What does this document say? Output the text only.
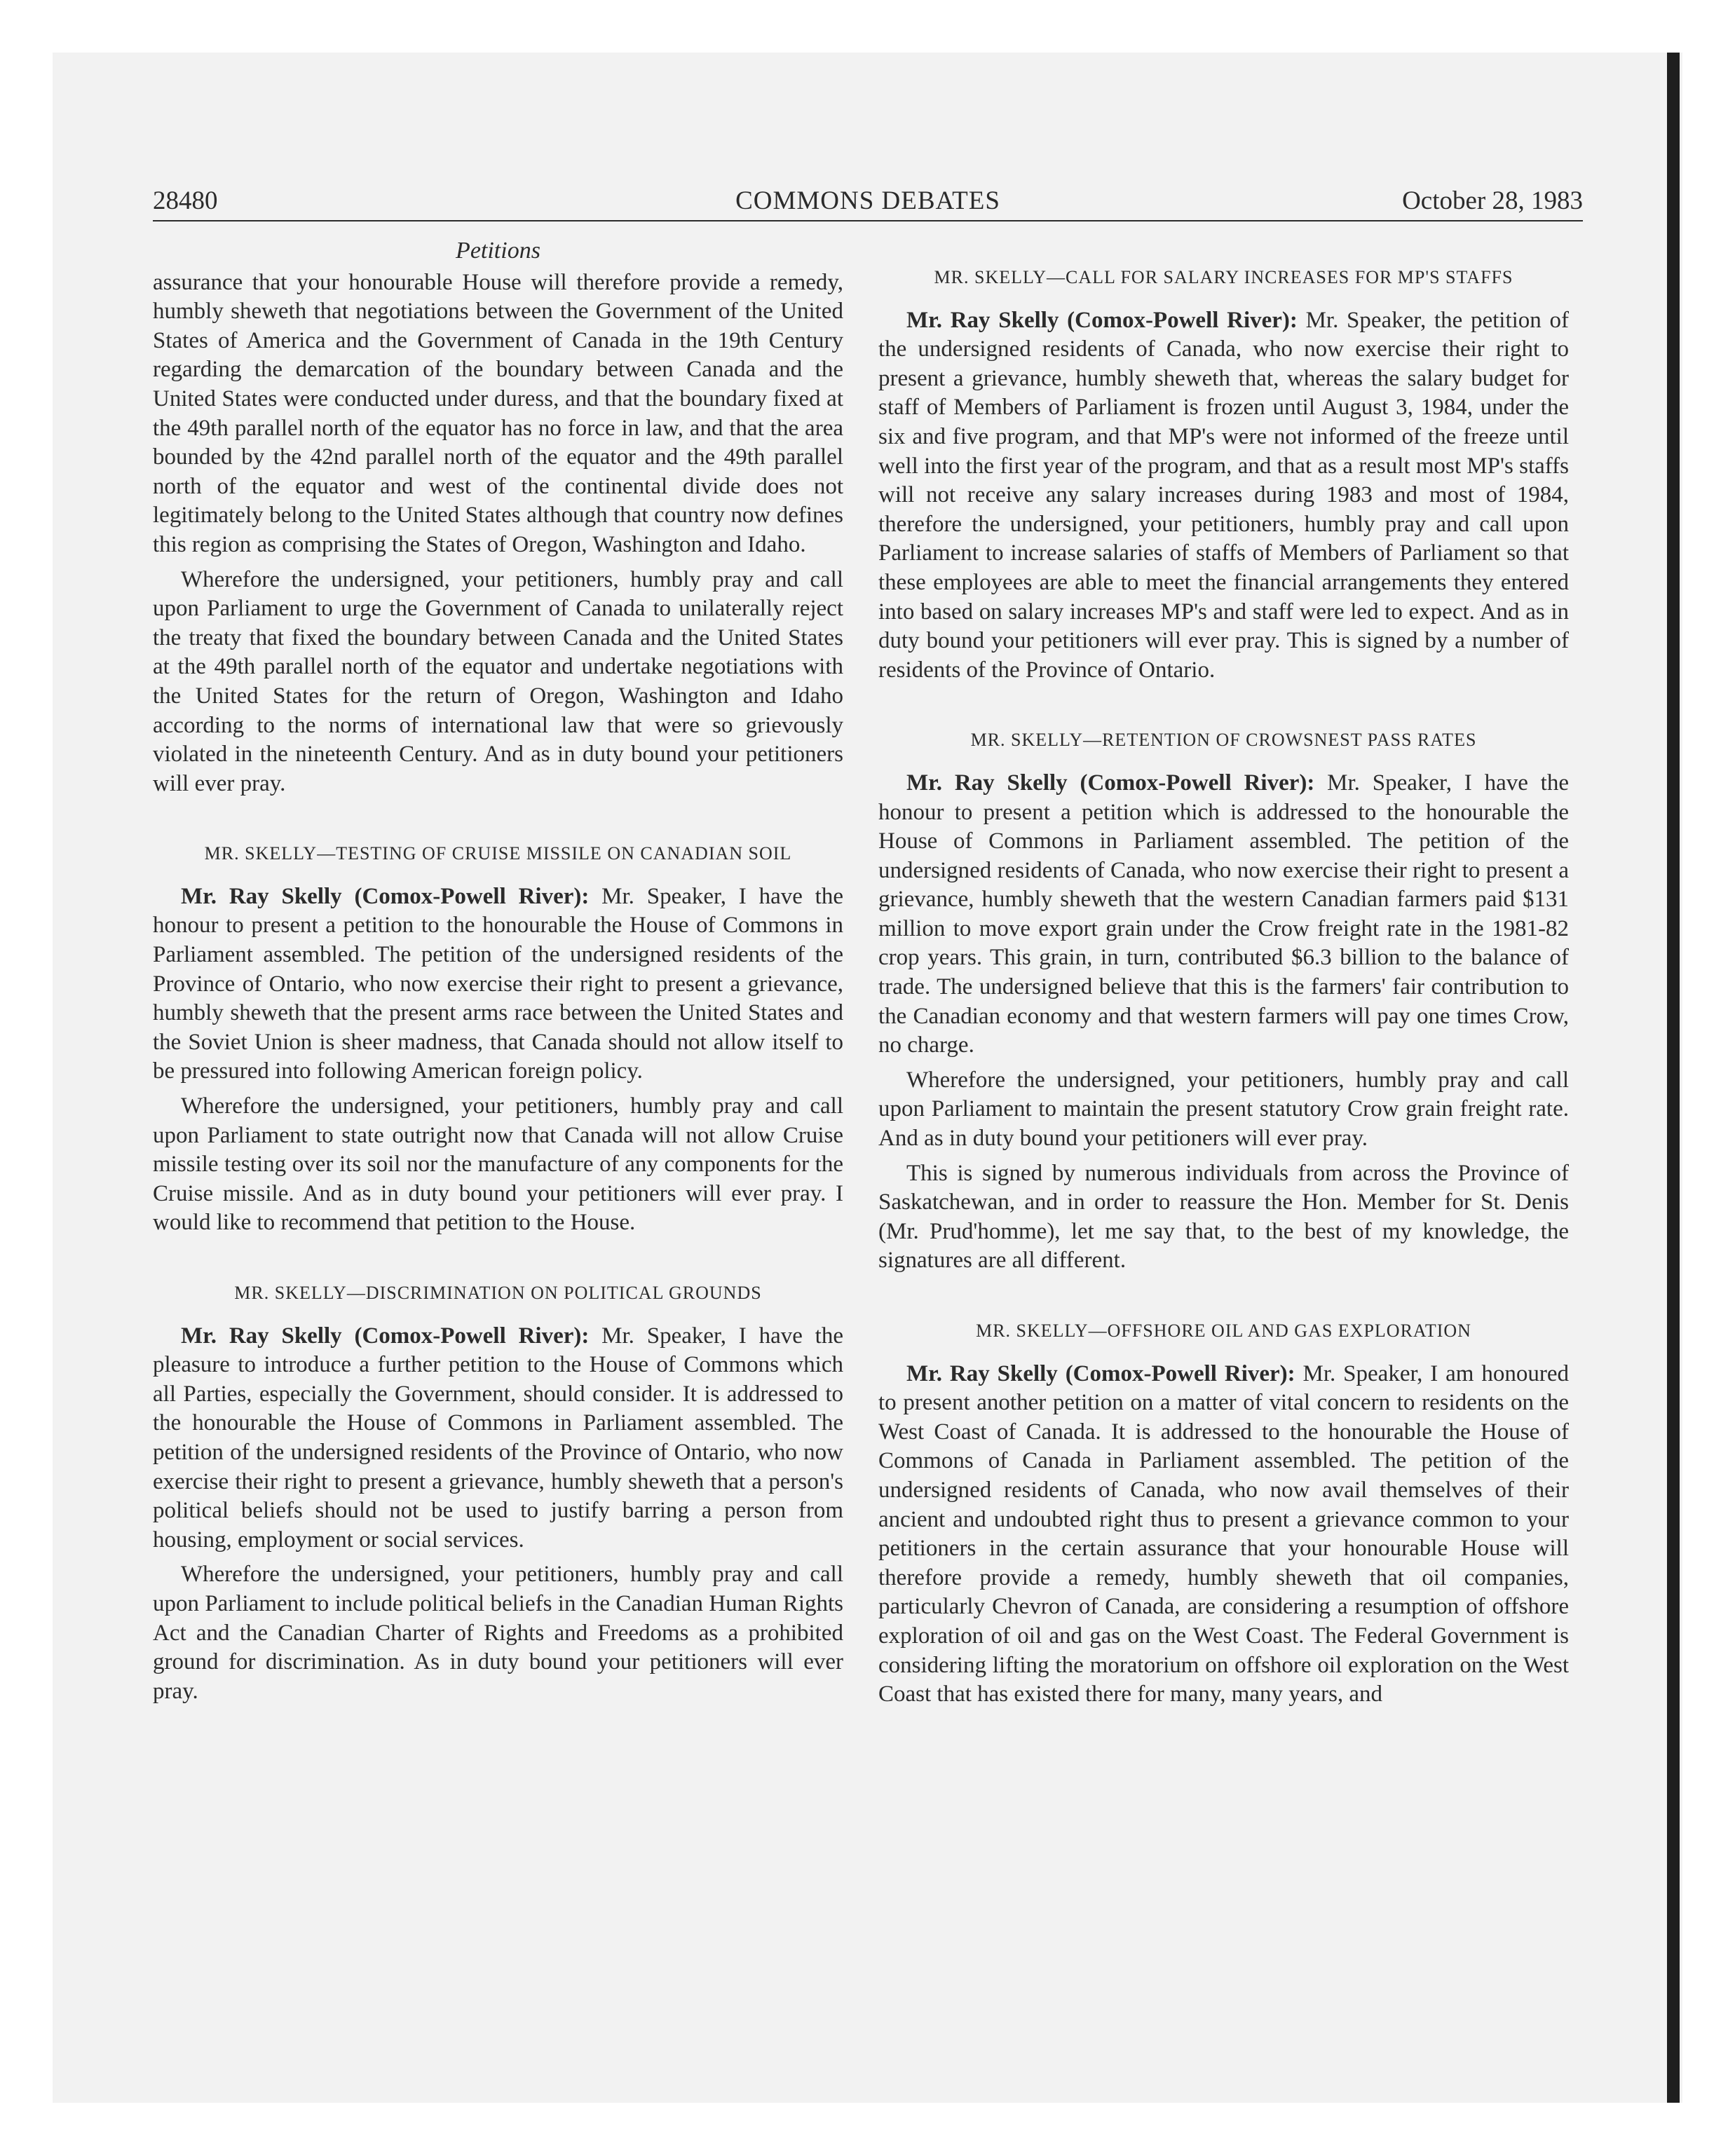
28480	COMMONS DEBATES	October 28, 1983
Petitions

assurance that your honourable House will therefore provide a remedy, humbly sheweth that negotiations between the Government of the United States of America and the Government of Canada in the 19th Century regarding the demarcation of the boundary between Canada and the United States were conducted under duress, and that the boundary fixed at the 49th parallel north of the equator has no force in law, and that the area bounded by the 42nd parallel north of the equator and the 49th parallel north of the equator and west of the continental divide does not legitimately belong to the United States although that country now defines this region as comprising the States of Oregon, Washington and Idaho.

Wherefore the undersigned, your petitioners, humbly pray and call upon Parliament to urge the Government of Canada to unilaterally reject the treaty that fixed the boundary between Canada and the United States at the 49th parallel north of the equator and undertake negotiations with the United States for the return of Oregon, Washington and Idaho according to the norms of international law that were so grievously violated in the nineteenth Century. And as in duty bound your petitioners will ever pray.

MR. SKELLY—TESTING OF CRUISE MISSILE ON CANADIAN SOIL

Mr. Ray Skelly (Comox-Powell River): Mr. Speaker, I have the honour to present a petition to the honourable the House of Commons in Parliament assembled. The petition of the undersigned residents of the Province of Ontario, who now exercise their right to present a grievance, humbly sheweth that the present arms race between the United States and the Soviet Union is sheer madness, that Canada should not allow itself to be pressured into following American foreign policy.

Wherefore the undersigned, your petitioners, humbly pray and call upon Parliament to state outright now that Canada will not allow Cruise missile testing over its soil nor the manufacture of any components for the Cruise missile. And as in duty bound your petitioners will ever pray. I would like to recommend that petition to the House.

MR. SKELLY—DISCRIMINATION ON POLITICAL GROUNDS

Mr. Ray Skelly (Comox-Powell River): Mr. Speaker, I have the pleasure to introduce a further petition to the House of Commons which all Parties, especially the Government, should consider. It is addressed to the honourable the House of Commons in Parliament assembled. The petition of the undersigned residents of the Province of Ontario, who now exercise their right to present a grievance, humbly sheweth that a person's political beliefs should not be used to justify barring a person from housing, employment or social services.

Wherefore the undersigned, your petitioners, humbly pray and call upon Parliament to include political beliefs in the Canadian Human Rights Act and the Canadian Charter of Rights and Freedoms as a prohibited ground for discrimination. As in duty bound your petitioners will ever pray.

MR. SKELLY—CALL FOR SALARY INCREASES FOR MP'S STAFFS

Mr. Ray Skelly (Comox-Powell River): Mr. Speaker, the petition of the undersigned residents of Canada, who now exercise their right to present a grievance, humbly sheweth that, whereas the salary budget for staff of Members of Parliament is frozen until August 3, 1984, under the six and five program, and that MP's were not informed of the freeze until well into the first year of the program, and that as a result most MP's staffs will not receive any salary increases during 1983 and most of 1984, therefore the undersigned, your petitioners, humbly pray and call upon Parliament to increase salaries of staffs of Members of Parliament so that these employees are able to meet the financial arrangements they entered into based on salary increases MP's and staff were led to expect. And as in duty bound your petitioners will ever pray. This is signed by a number of residents of the Province of Ontario.

MR. SKELLY—RETENTION OF CROWSNEST PASS RATES

Mr. Ray Skelly (Comox-Powell River): Mr. Speaker, I have the honour to present a petition which is addressed to the honourable the House of Commons in Parliament assembled. The petition of the undersigned residents of Canada, who now exercise their right to present a grievance, humbly sheweth that the western Canadian farmers paid $131 million to move export grain under the Crow freight rate in the 1981-82 crop years. This grain, in turn, contributed $6.3 billion to the balance of trade. The undersigned believe that this is the farmers' fair contribution to the Canadian economy and that western farmers will pay one times Crow, no charge.

Wherefore the undersigned, your petitioners, humbly pray and call upon Parliament to maintain the present statutory Crow grain freight rate. And as in duty bound your petitioners will ever pray.

This is signed by numerous individuals from across the Province of Saskatchewan, and in order to reassure the Hon. Member for St. Denis (Mr. Prud'homme), let me say that, to the best of my knowledge, the signatures are all different.

MR. SKELLY—OFFSHORE OIL AND GAS EXPLORATION

Mr. Ray Skelly (Comox-Powell River): Mr. Speaker, I am honoured to present another petition on a matter of vital concern to residents on the West Coast of Canada. It is addressed to the honourable the House of Commons of Canada in Parliament assembled. The petition of the undersigned residents of Canada, who now avail themselves of their ancient and undoubted right thus to present a grievance common to your petitioners in the certain assurance that your honourable House will therefore provide a remedy, humbly sheweth that oil companies, particularly Chevron of Canada, are considering a resumption of offshore exploration of oil and gas on the West Coast. The Federal Government is considering lifting the moratorium on offshore oil exploration on the West Coast that has existed there for many, many years, and
